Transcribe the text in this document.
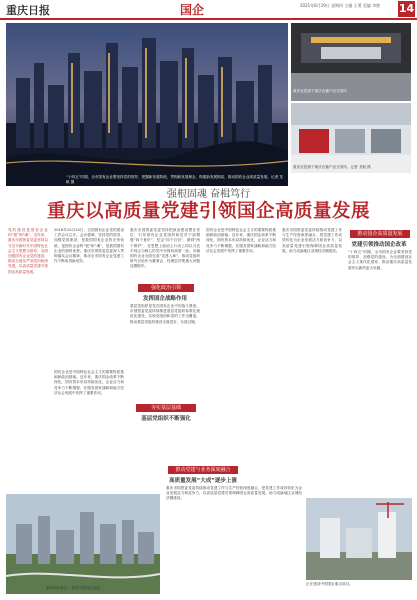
重庆日报	国企	2021年8月19日 星期四 主编 王勇 美编 李艳	14
“十四五”时期，全市国有企业要坚持党的领导，把握新发展阶段，贯彻新发展理念，构建新发展格局，推动国有企业高质量发展。记者 龙帆 摄
重庆农投旗下重庆农畜产品交易所
重庆农投旗下重庆农畜产品交易所。记者 龙帆 摄
强根固魂 奋楫笃行
重庆以高质量党建引领国企高质量发展
党的建设是国有企业的“根”和“魂”。近年来，重庆市国资委党委坚持以习近平新时代中国特色社会主义思想为指导，全面加强国有企业党的建设，推动全面从严治党向纵深发展，以高质量党建引领国企高质量发展。
2016年10月10日，全国国有企业党的建设工作会议召开。会议强调，坚持党的领导、加强党的建设，是我国国有企业的光荣传统，是国有企业的“根”和“魂”，是我国国有企业的独特优势。重庆市国资委党委深入贯彻落实会议精神，推动全市国有企业党建工作不断取得新成效。
国有企业是中国特色社会主义的重要物质基础和政治基础。近年来，重庆国企改革不断深化，国有资本布局持续优化，企业活力和竞争力不断增强，在服务国家战略和地方经济社会发展中发挥了重要作用。
重庆市国资委党委坚持把政治建设摆在首位，引导国有企业党组织和党员干部增强“四个意识”、坚定“四个自信”、做到“两个维护”，在思想上政治上行动上同以习近平同志为核心的党中央保持高度一致。市属国有企业全面完成“党建入章”，推动党组织研究讨论作为董事会、经理层决策重大问题前置程序。
强化政治引领
发挥国企战略作用
基层党组织是党在国有企业中的战斗堡垒。市国资委党委持续推进基层党组织标准化规范化建设，实现党组织和党的工作全覆盖，推动基层党组织建设全面进步、全面过硬。
国有企业是中国特色社会主义的重要物质基础和政治基础。近年来，重庆国企改革不断深化，国有资本布局持续优化，企业活力和竞争力不断增强，在服务国家战略和地方经济社会发展中发挥了重要作用。
重庆市国资委党委持续推动党建工作与生产经营深度融合，把党建工作成效转化为企业发展活力和竞争力，以高质量党建引领保障国企高质量发展，助力成渝地区双城经济圈建设。
推动国企高质量发展
党建引领推动国企改革
“十四五”时期，全市国有企业要坚持党的领导、加强党的建设，为全面建设社会主义现代化国家、推动重庆高质量发展作出新的更大贡献。
夯实基层基础
基层党组织不断强化
推动党建与业务深度融合
高质量发展“大成”逐步上演
重庆市国资委党委持续推动党建工作与生产经营深度融合，把党建工作成效转化为企业发展活力和竞争力，以高质量党建引领保障国企高质量发展，助力成渝地区双城经济圈建设。
重庆两江新区，党建引领国企发展。
正在建设中的国企重点项目。
